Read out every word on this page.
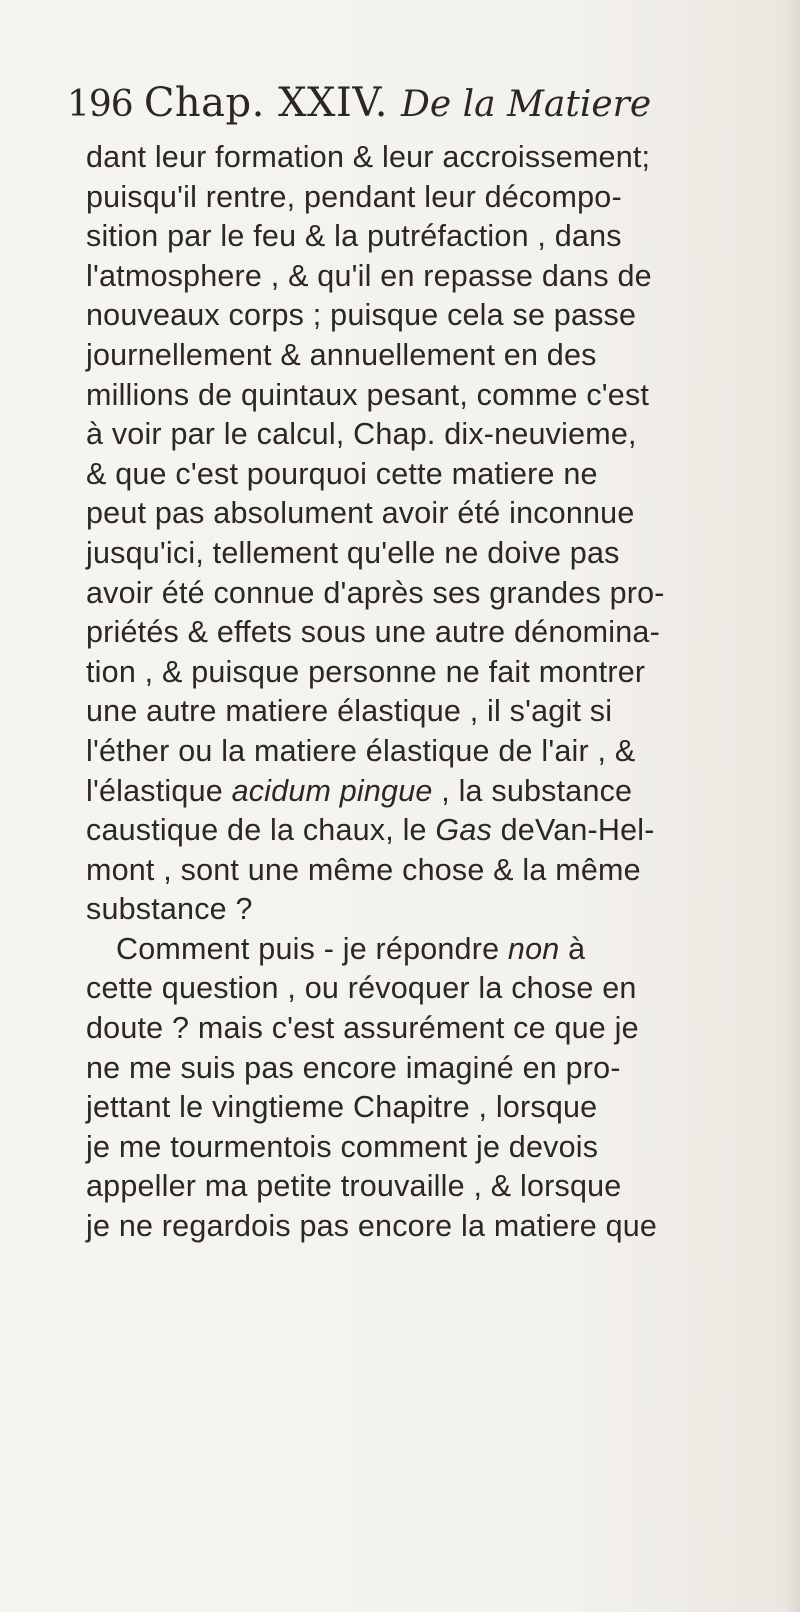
196 Chap. XXIV. De la Matiere
dant leur formation & leur accroissement;
puisqu'il rentre, pendant leur décompo-
sition par le feu & la putréfaction , dans
l'atmosphere , & qu'il en repasse dans de
nouveaux corps ; puisque cela se passe
journellement & annuellement en des
millions de quintaux pesant, comme c'est
à voir par le calcul, Chap. dix-neuvieme,
& que c'est pourquoi cette matiere ne
peut pas absolument avoir été inconnue
jusqu'ici, tellement qu'elle ne doive pas
avoir été connue d'après ses grandes pro-
priétés & effets sous une autre dénomina-
tion , & puisque personne ne fait montrer
une autre matiere élastique , il s'agit si
l'éther ou la matiere élastique de l'air , &
l'élastique acidum pingue , la substance
caustique de la chaux, le Gas deVan-Hel-
mont , sont une même chose & la même
substance ?
Comment puis - je répondre non à
cette question , ou révoquer la chose en
doute ? mais c'est assurément ce que je
ne me suis pas encore imaginé en pro-
jettant le vingtieme Chapitre , lorsque
je me tourmentois comment je devois
appeller ma petite trouvaille , & lorsque
je ne regardois pas encore la matiere que
